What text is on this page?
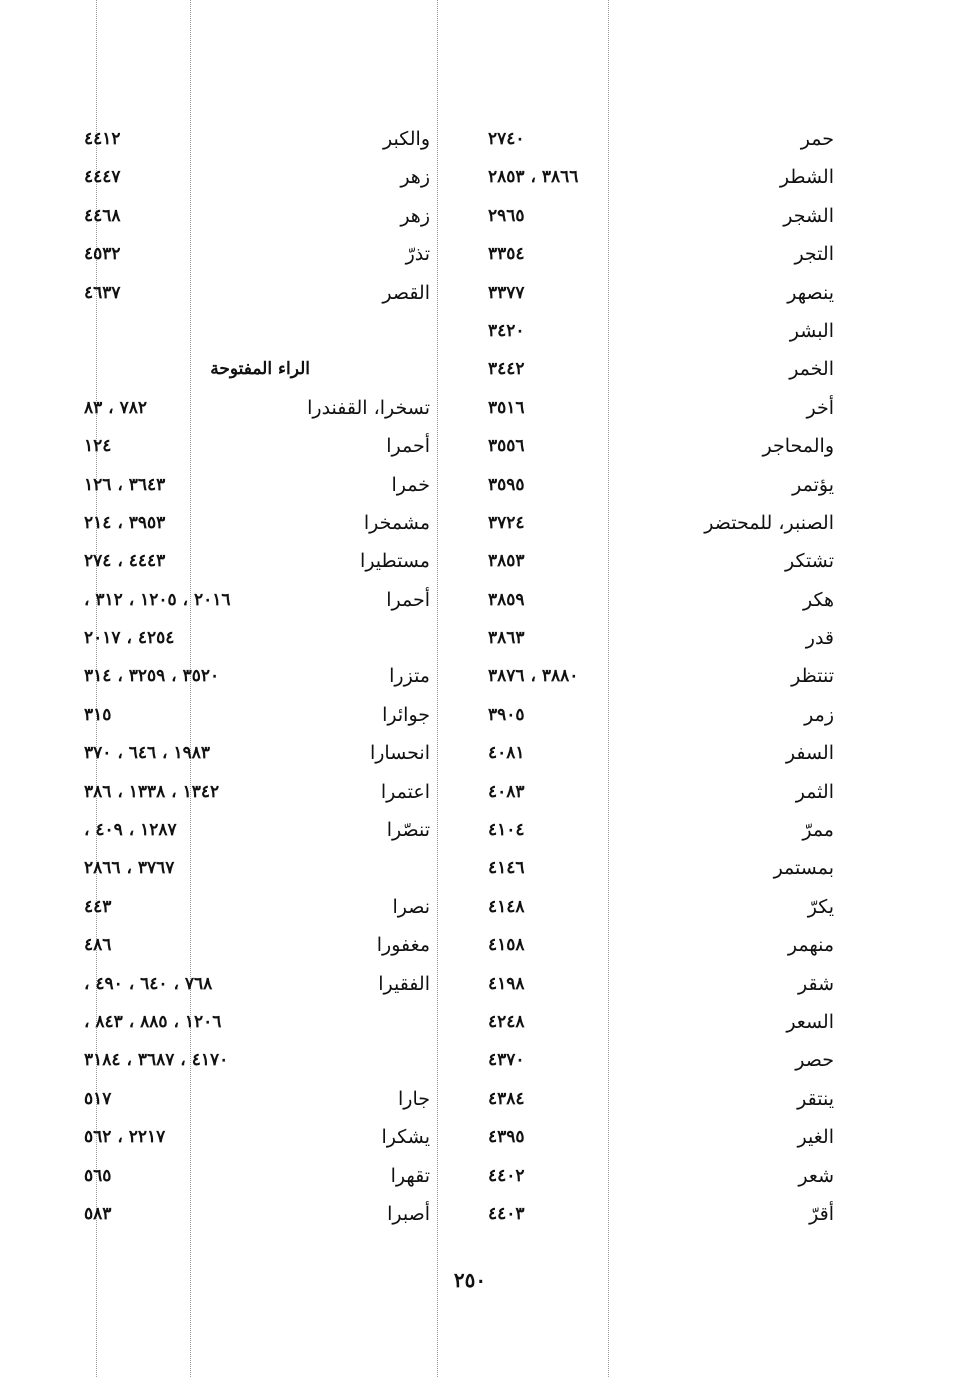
حمر
٢٧٤٠
الشطر
٣٨٦٦ ، ٢٨٥٣
الشجر
٢٩٦٥
التجر
٣٣٥٤
ينصهر
٣٣٧٧
البشر
٣٤٢٠
الخمر
٣٤٤٢
أخر
٣٥١٦
والمحاجر
٣٥٥٦
يؤتمر
٣٥٩٥
الصنبر، للمحتضر
٣٧٢٤
تشتكر
٣٨٥٣
هكر
٣٨٥٩
قدر
٣٨٦٣
تنتظر
٣٨٨٠ ، ٣٨٧٦
زمر
٣٩٠٥
السفر
٤٠٨١
الثمر
٤٠٨٣
ممرّ
٤١٠٤
بمستمر
٤١٤٦
يكرّ
٤١٤٨
منهمر
٤١٥٨
شقر
٤١٩٨
السعر
٤٢٤٨
حصر
٤٣٧٠
ينتقر
٤٣٨٤
الغير
٤٣٩٥
شعر
٤٤٠٢
أقرّ
٤٤٠٣
والكبر
٤٤١٢
زهر
٤٤٤٧
زهر
٤٤٦٨
تذرّ
٤٥٣٢
القصر
٤٦٣٧
الراء المفتوحة
تسخرا، القفندرا
٧٨٢ ، ٨٣
أحمرا
١٢٤
خمرا
٣٦٤٣ ، ١٢٦
مشمخرا
٣٩٥٣ ، ٢١٤
مستطيرا
٤٤٤٣ ، ٢٧٤
أحمرا
٢٠١٦ ، ١٢٠٥ ، ٣١٢ ،
٤٢٥٤ ، ٢٠١٧
متزرا
٣٥٢٠ ، ٣٢٥٩ ، ٣١٤
جوائرا
٣١٥
انحسارا
١٩٨٣ ، ٦٤٦ ، ٣٧٠
اعتمرا
١٣٤٢ ، ١٣٣٨ ، ٣٨٦
تنصّرا
١٢٨٧ ، ٤٠٩ ،
٣٧٦٧ ، ٢٨٦٦
نصرا
٤٤٣
مغفورا
٤٨٦
الفقيرا
٧٦٨ ، ٦٤٠ ، ٤٩٠ ،
١٢٠٦ ، ٨٨٥ ، ٨٤٣ ،
٤١٧٠ ، ٣٦٨٧ ، ٣١٨٤
جارا
٥١٧
يشكرا
٢٢١٧ ، ٥٦٢
تقهرا
٥٦٥
أصبرا
٥٨٣
٢٥٠
